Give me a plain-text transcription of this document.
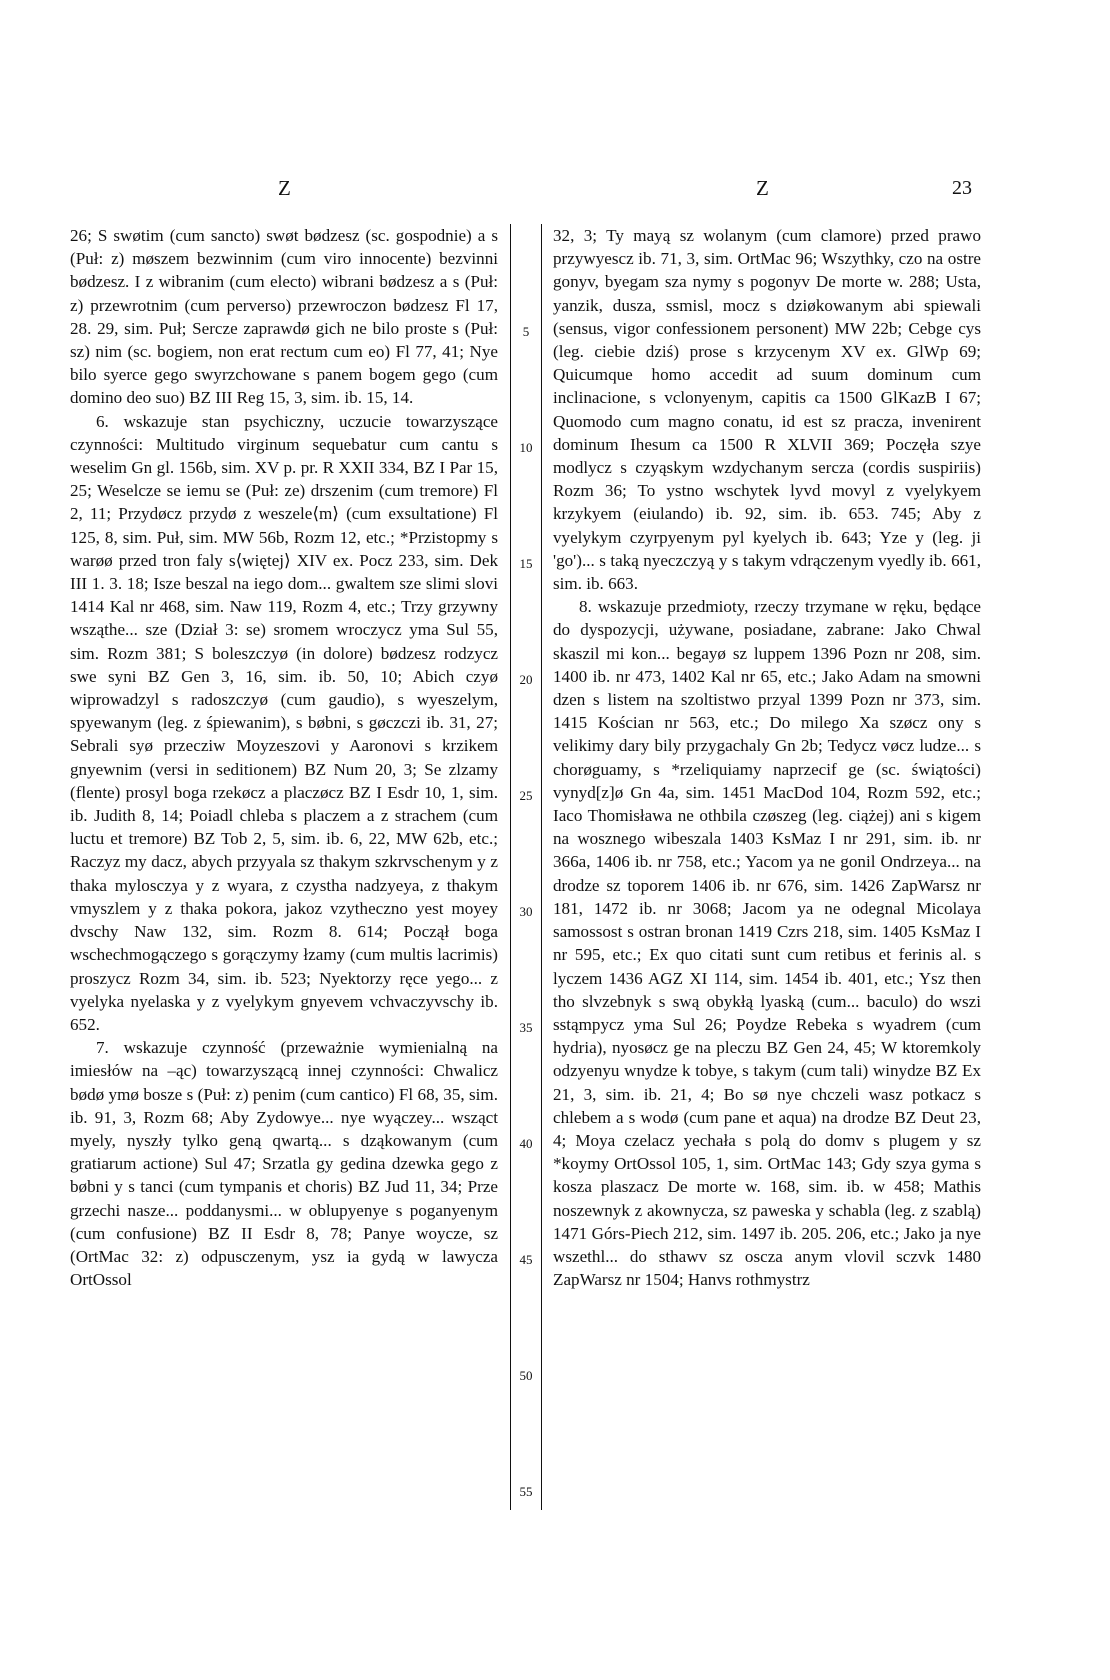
Z	Z	23

26; S swøtim (cum sancto) swøt bødzesz (sc. gospodnie) a s (Puł: z) møszem bezwinnim (cum viro innocente) bezvinni bødzesz. I z wibranim (cum electo) wibrani bødzesz a s (Puł: z) przewrotnim (cum perverso) przewroczon bødzesz Fl 17, 28. 29, sim. Puł; Sercze zaprawdø gich ne bilo proste s (Puł: sz) nim (sc. bogiem, non erat rectum cum eo) Fl 77, 41; Nye bilo syerce gego swyrzchowane s panem bogem gego (cum domino deo suo) BZ III Reg 15, 3, sim. ib. 15, 14.

6. wskazuje stan psychiczny, uczucie towarzyszące czynności: Multitudo virginum sequebatur cum cantu s weselim Gn gl. 156b, sim. XV p. pr. R XXII 334, BZ I Par 15, 25; Weselcze se iemu se (Puł: ze) drszenim (cum tremore) Fl 2, 11; Przydøcz przydø z weszele⟨m⟩ (cum exsultatione) Fl 125, 8, sim. Puł, sim. MW 56b, Rozm 12, etc.; *Przistopmy s warøø przed tron faly s⟨więtej⟩ XIV ex. Pocz 233, sim. Dek III 1. 3. 18; Isze beszal na iego dom... gwaltem sze slimi slovi 1414 Kal nr 468, sim. Naw 119, Rozm 4, etc.; Trzy grzywny wsząthe... sze (Dział 3: se) sromem wroczycz yma Sul 55, sim. Rozm 381; S boleszczyø (in dolore) bødzesz rodzycz swe syni BZ Gen 3, 16, sim. ib. 50, 10; Abich czyø wiprowadzyl s radoszczyø (cum gaudio), s wyeszelym, spyewanym (leg. z śpiewanim), s bøbni, s gøczczi ib. 31, 27; Sebrali syø przecziw Moyzeszovi y Aaronovi s krzikem gnyewnim (versi in seditionem) BZ Num 20, 3; Se zlzamy (flente) prosyl boga rzekøcz a placzøcz BZ I Esdr 10, 1, sim. ib. Judith 8, 14; Poiadl chleba s placzem a z strachem (cum luctu et tremore) BZ Tob 2, 5, sim. ib. 6, 22, MW 62b, etc.; Raczyz my dacz, abych przyyala sz thakym szkrvschenym y z thaka mylosczya y z wyara, z czystha nadzyeya, z thakym vmyszlem y z thaka pokora, jakoz vzytheczno yest moyey dvschy Naw 132, sim. Rozm 8. 614; Począł boga wschechmogączego s gorączymy łzamy (cum multis lacrimis) proszycz Rozm 34, sim. ib. 523; Nyektorzy ręce yego... z vyelyka nyelaska y z vyelykym gnyevem vchvaczyvschy ib. 652.

7. wskazuje czynność (przeważnie wymienialną na imiesłów na –ąc) towarzyszącą innej czynności: Chwalicz bødø ymø bosze s (Puł: z) penim (cum cantico) Fl 68, 35, sim. ib. 91, 3, Rozm 68; Aby Zydowye... nye wyączey... wsząct myely, nyszły tylko geną qwartą... s dząkowanym (cum gratiarum actione) Sul 47; Srzatla gy gedina dzewka gego z bøbni y s tanci (cum tympanis et choris) BZ Jud 11, 34; Prze grzechi nasze... poddanysmi... w oblupyenye s poganyenym (cum confusione) BZ II Esdr 8, 78; Panye woycze, sz (OrtMac 32: z) odpusczenym, ysz ia gydą w lawycza OrtOssol

5
10
15
20
25
30
35
40
45
50
55

32, 3; Ty mayą sz wolanym (cum clamore) przed prawo przywyescz ib. 71, 3, sim. OrtMac 96; Wszythky, czo na ostre gonyv, byegam sza nymy s pogonyv De morte w. 288; Usta, yanzik, dusza, ssmisl, mocz s dziøkowanym abi spiewali (sensus, vigor confessionem personent) MW 22b; Cebge cys (leg. ciebie dziś) prose s krzycenym XV ex. GlWp 69; Quicumque homo accedit ad suum dominum cum inclinacione, s vclonyenym, capitis ca 1500 GlKazB I 67; Quomodo cum magno conatu, id est sz pracza, invenirent dominum Ihesum ca 1500 R XLVII 369; Poczęła szye modlycz s czyąskym wzdychanym sercza (cordis suspiriis) Rozm 36; To ystno wschytek lyvd movyl z vyelykyem krzykyem (eiulando) ib. 92, sim. ib. 653. 745; Aby z vyelykym czyrpyenym pyl kyelych ib. 643; Yze y (leg. ji 'go')... s taką nyeczczyą y s takym vdrączenym vyedly ib. 661, sim. ib. 663.

8. wskazuje przedmioty, rzeczy trzymane w ręku, będące do dyspozycji, używane, posiadane, zabrane: Jako Chwal skaszil mi kon... begayø sz luppem 1396 Pozn nr 208, sim. 1400 ib. nr 473, 1402 Kal nr 65, etc.; Jako Adam na smowni dzen s listem na szoltistwo przyal 1399 Pozn nr 373, sim. 1415 Kościan nr 563, etc.; Do milego Xa szøcz ony s velikimy dary bily przygachaly Gn 2b; Tedycz vøcz ludze... s chorøguamy, s *rzeliquiamy naprzecif ge (sc. świątości) vynyd[z]ø Gn 4a, sim. 1451 MacDod 104, Rozm 592, etc.; Iaco Thomisława ne othbila czøszeg (leg. ciążej) ani s kigem na wosznego wibeszala 1403 KsMaz I nr 291, sim. ib. nr 366a, 1406 ib. nr 758, etc.; Yacom ya ne gonil Ondrzeya... na drodze sz toporem 1406 ib. nr 676, sim. 1426 ZapWarsz nr 181, 1472 ib. nr 3068; Jacom ya ne odegnal Micolaya samossost s ostran bronan 1419 Czrs 218, sim. 1405 KsMaz I nr 595, etc.; Ex quo citati sunt cum retibus et ferinis al. s lyczem 1436 AGZ XI 114, sim. 1454 ib. 401, etc.; Ysz then tho slvzebnyk s swą obykłą lyaską (cum... baculo) do wszi sstąmpycz yma Sul 26; Poydze Rebeka s wyadrem (cum hydria), nyosøcz ge na pleczu BZ Gen 24, 45; W ktoremkoly odzyenyu wnydze k tobye, s takym (cum tali) winydze BZ Ex 21, 3, sim. ib. 21, 4; Bo sø nye chczeli wasz potkacz s chlebem a s wodø (cum pane et aqua) na drodze BZ Deut 23, 4; Moya czelacz yechała s polą do domv s plugem y sz *koymy OrtOssol 105, 1, sim. OrtMac 143; Gdy szya gyma s kosza plaszacz De morte w. 168, sim. ib. w 458; Mathis noszewnyk z akownycza, sz paweska y schabla (leg. z szablą) 1471 Górs-Piech 212, sim. 1497 ib. 205. 206, etc.; Jako ja nye wszethl... do sthawv sz oscza anym vlovil sczvk 1480 ZapWarsz nr 1504; Hanvs rothmystrz
